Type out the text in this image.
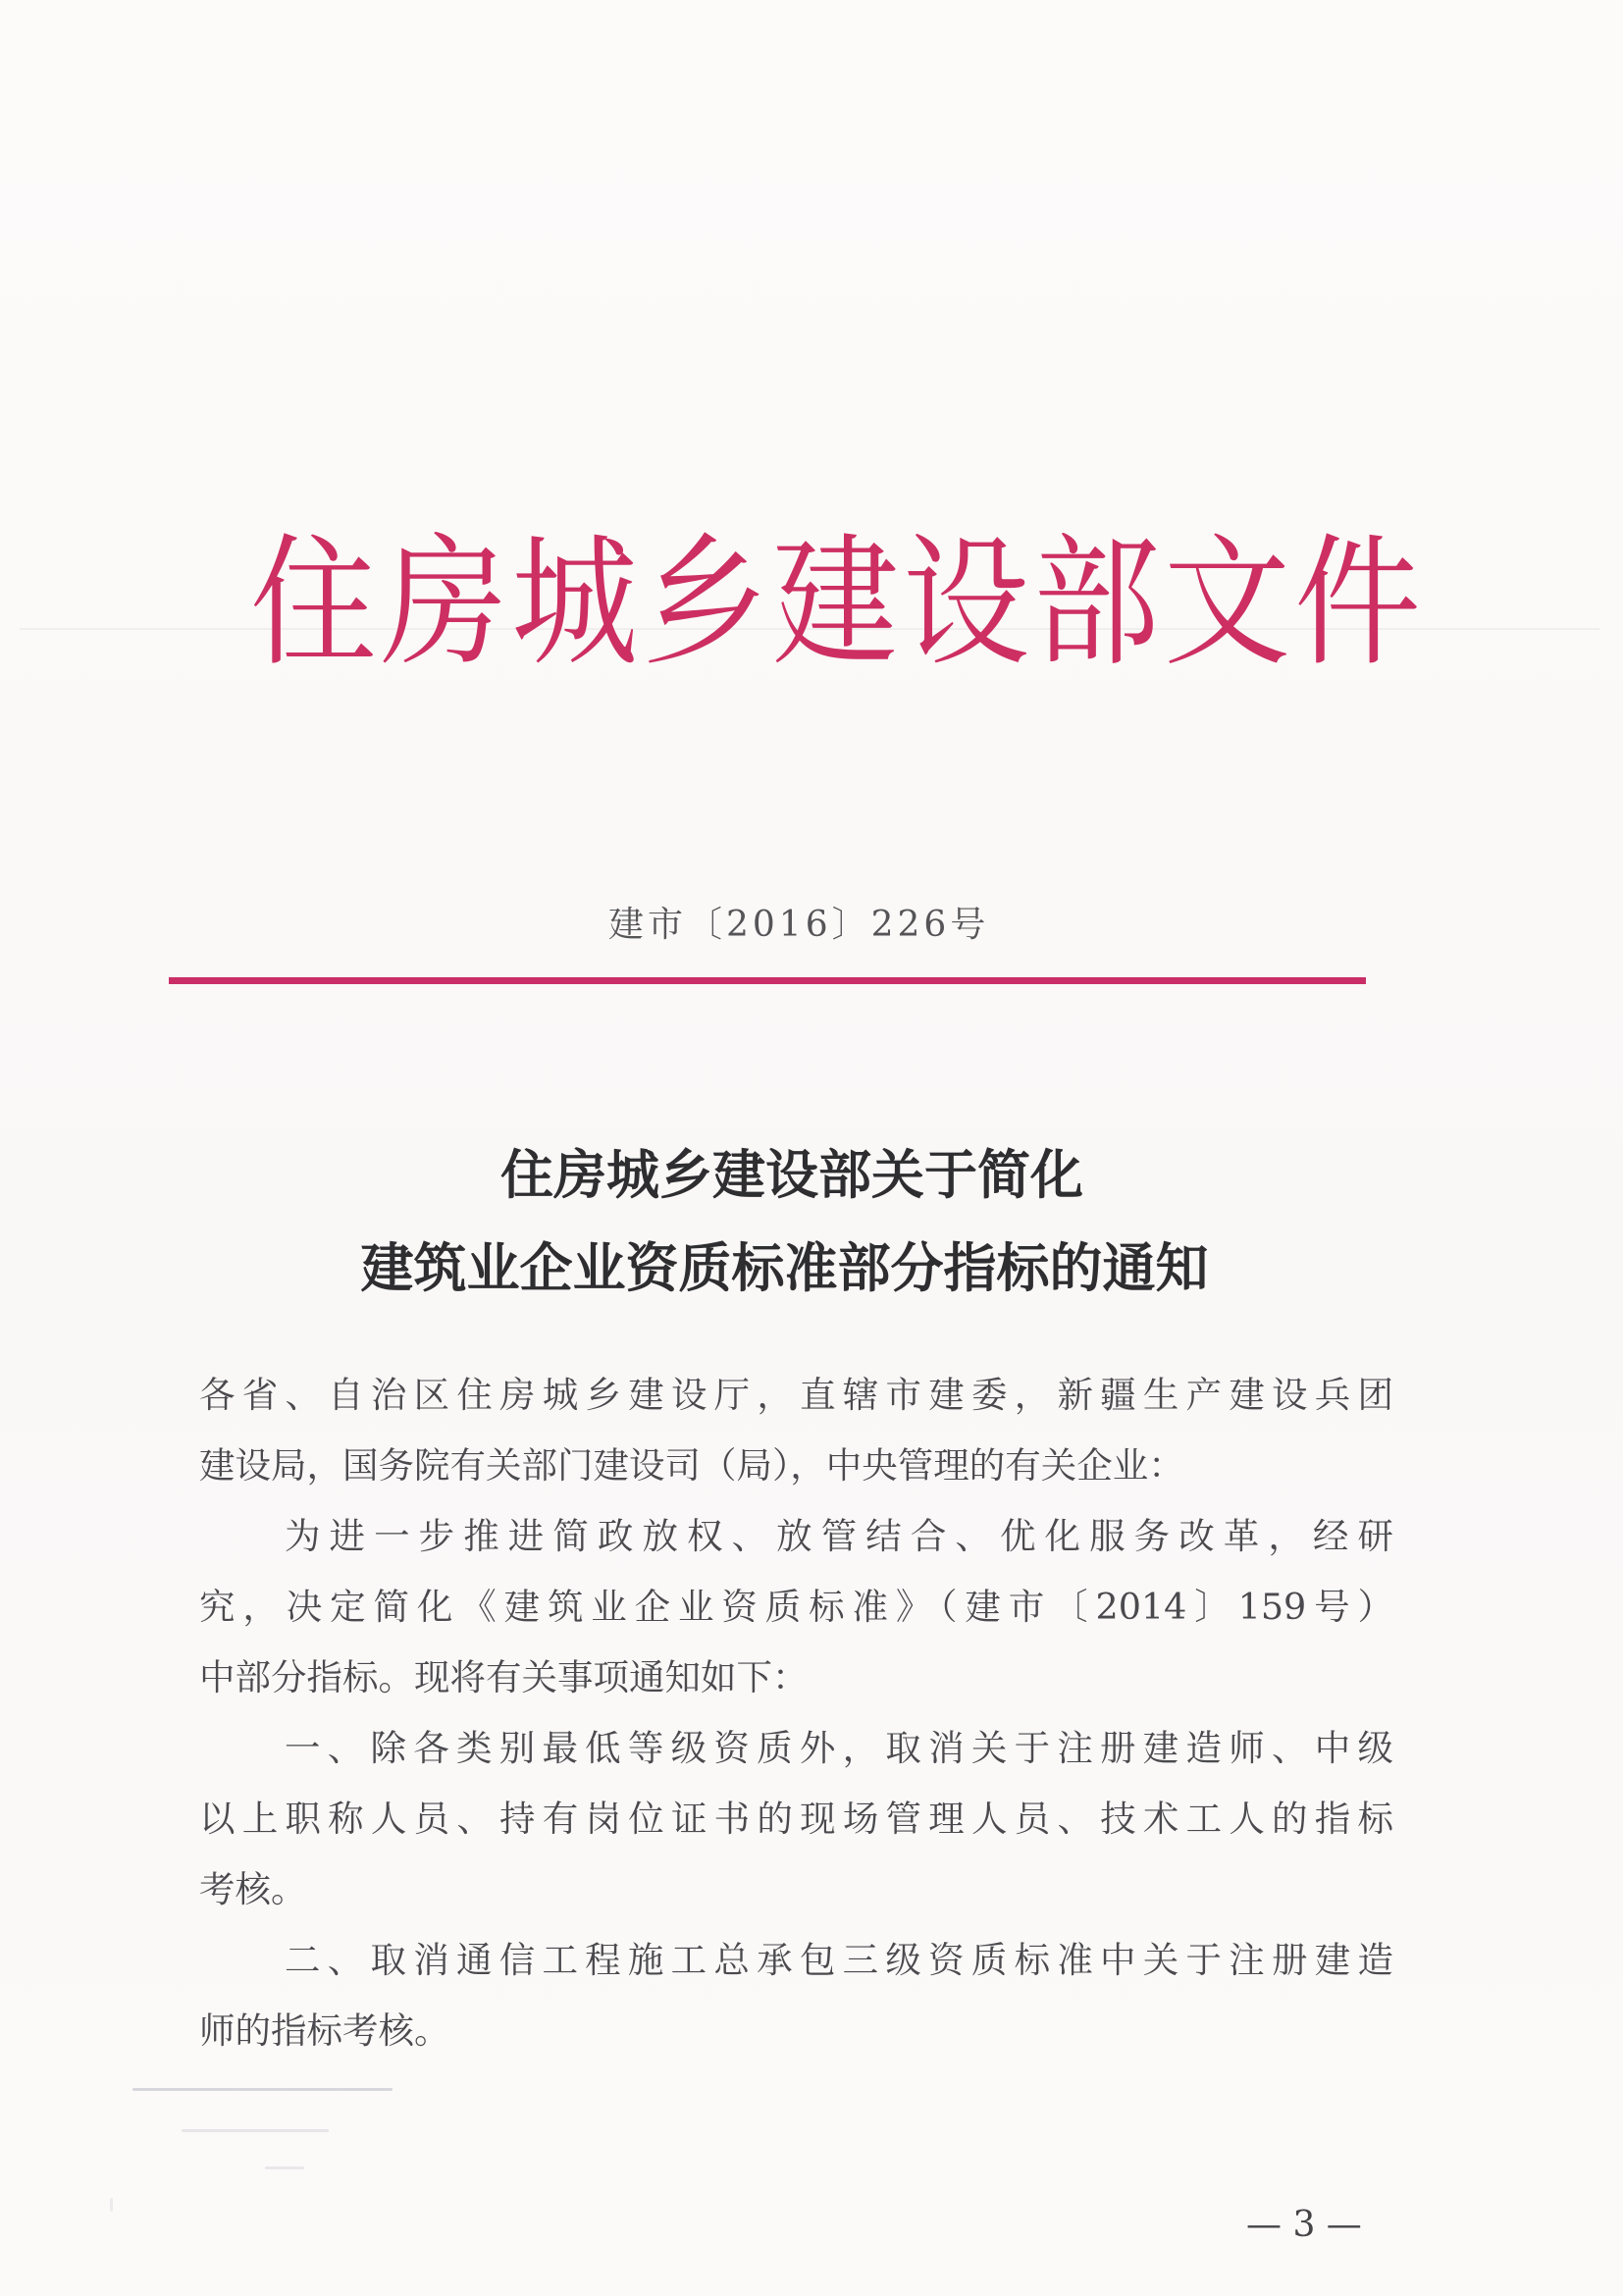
住房城乡建设部文件
建市〔2016〕226号
住房城乡建设部关于简化
建筑业企业资质标准部分指标的通知
各省、自治区住房城乡建设厅，直辖市建委，新疆生产建设兵团
建设局，国务院有关部门建设司（局），中央管理的有关企业：
为进一步推进简政放权、放管结合、优化服务改革，经研
究，决定简化《建筑业企业资质标准》（建市〔2014〕159号）
中部分指标。现将有关事项通知如下：
一、除各类别最低等级资质外，取消关于注册建造师、中级
以上职称人员、持有岗位证书的现场管理人员、技术工人的指标
考核。
二、取消通信工程施工总承包三级资质标准中关于注册建造
师的指标考核。
— 3 —
